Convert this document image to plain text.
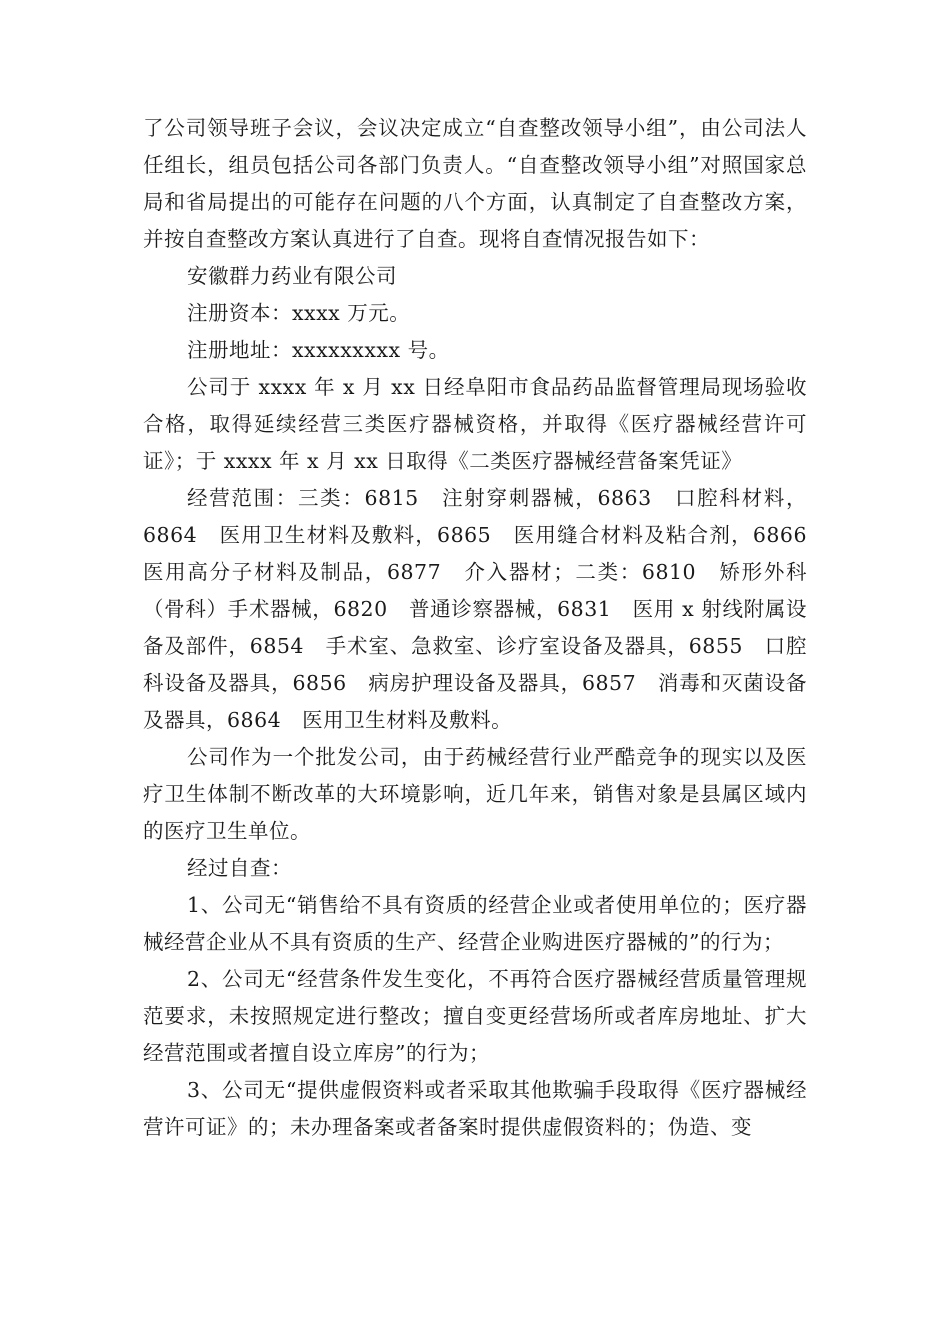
了公司领导班子会议，会议决定成立“自查整改领导小组”，由公司法人任组长，组员包括公司各部门负责人。“自查整改领导小组”对照国家总局和省局提出的可能存在问题的八个方面，认真制定了自查整改方案，并按自查整改方案认真进行了自查。现将自查情况报告如下：

安徽群力药业有限公司

注册资本：xxxx 万元。

注册地址：xxxxxxxxx 号。

公司于 xxxx 年 x 月 xx 日经阜阳市食品药品监督管理局现场验收合格，取得延续经营三类医疗器械资格，并取得《医疗器械经营许可证》；于 xxxx 年 x 月 xx 日取得《二类医疗器械经营备案凭证》

经营范围：三类：6815　注射穿刺器械，6863　口腔科材料，6864　医用卫生材料及敷料，6865　医用缝合材料及粘合剂，6866　医用高分子材料及制品，6877　介入器材；二类：6810　矫形外科（骨科）手术器械，6820　普通诊察器械，6831　医用 x 射线附属设备及部件，6854　手术室、急救室、诊疗室设备及器具，6855　口腔科设备及器具，6856　病房护理设备及器具，6857　消毒和灭菌设备及器具，6864　医用卫生材料及敷料。

公司作为一个批发公司，由于药械经营行业严酷竞争的现实以及医疗卫生体制不断改革的大环境影响，近几年来，销售对象是县属区域内的医疗卫生单位。

经过自查：

1、公司无“销售给不具有资质的经营企业或者使用单位的；医疗器械经营企业从不具有资质的生产、经营企业购进医疗器械的”的行为；

2、公司无“经营条件发生变化，不再符合医疗器械经营质量管理规范要求，未按照规定进行整改；擅自变更经营场所或者库房地址、扩大经营范围或者擅自设立库房”的行为；

3、公司无“提供虚假资料或者采取其他欺骗手段取得《医疗器械经营许可证》的；未办理备案或者备案时提供虚假资料的；伪造、变
